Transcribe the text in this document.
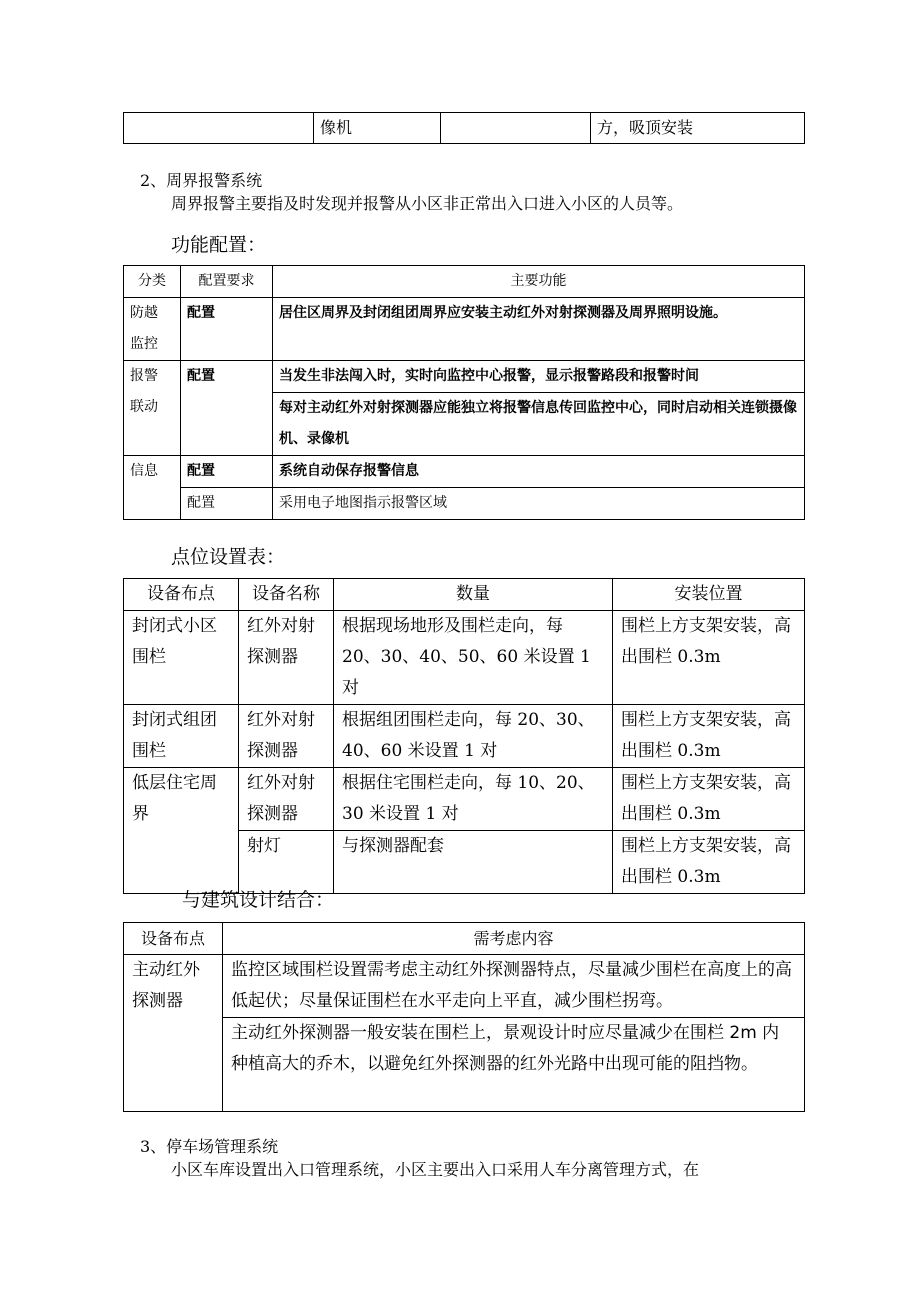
	像机		方，吸顶安装
2、周界报警系统
周界报警主要指及时发现并报警从小区非正常出入口进入小区的人员等。
功能配置：
分类	配置要求	主要功能
防越
监控	配置	居住区周界及封闭组团周界应安装主动红外对射探测器及周界照明设施。
报警
联动	配置	当发生非法闯入时，实时向监控中心报警，显示报警路段和报警时间
		每对主动红外对射探测器应能独立将报警信息传回监控中心，同时启动相关连锁摄像机、录像机
信息	配置	系统自动保存报警信息
	配置	采用电子地图指示报警区域
点位设置表：
设备布点	设备名称	数量	安装位置
封闭式小区围栏	红外对射探测器	根据现场地形及围栏走向，每 20、30、40、50、60 米设置 1 对	围栏上方支架安装，高出围栏 0.3m
封闭式组团围栏	红外对射探测器	根据组团围栏走向，每 20、30、40、60 米设置 1 对	围栏上方支架安装，高出围栏 0.3m
低层住宅周界	红外对射探测器	根据住宅围栏走向，每 10、20、30 米设置 1 对	围栏上方支架安装，高出围栏 0.3m
	射灯	与探测器配套	围栏上方支架安装，高出围栏 0.3m
与建筑设计结合：
设备布点	需考虑内容
主动红外探测器	监控区域围栏设置需考虑主动红外探测器特点，尽量减少围栏在高度上的高低起伏；尽量保证围栏在水平走向上平直，减少围栏拐弯。
	主动红外探测器一般安装在围栏上，景观设计时应尽量减少在围栏 2m 内种植高大的乔木，以避免红外探测器的红外光路中出现可能的阻挡物。
3、停车场管理系统
小区车库设置出入口管理系统，小区主要出入口采用人车分离管理方式，在
